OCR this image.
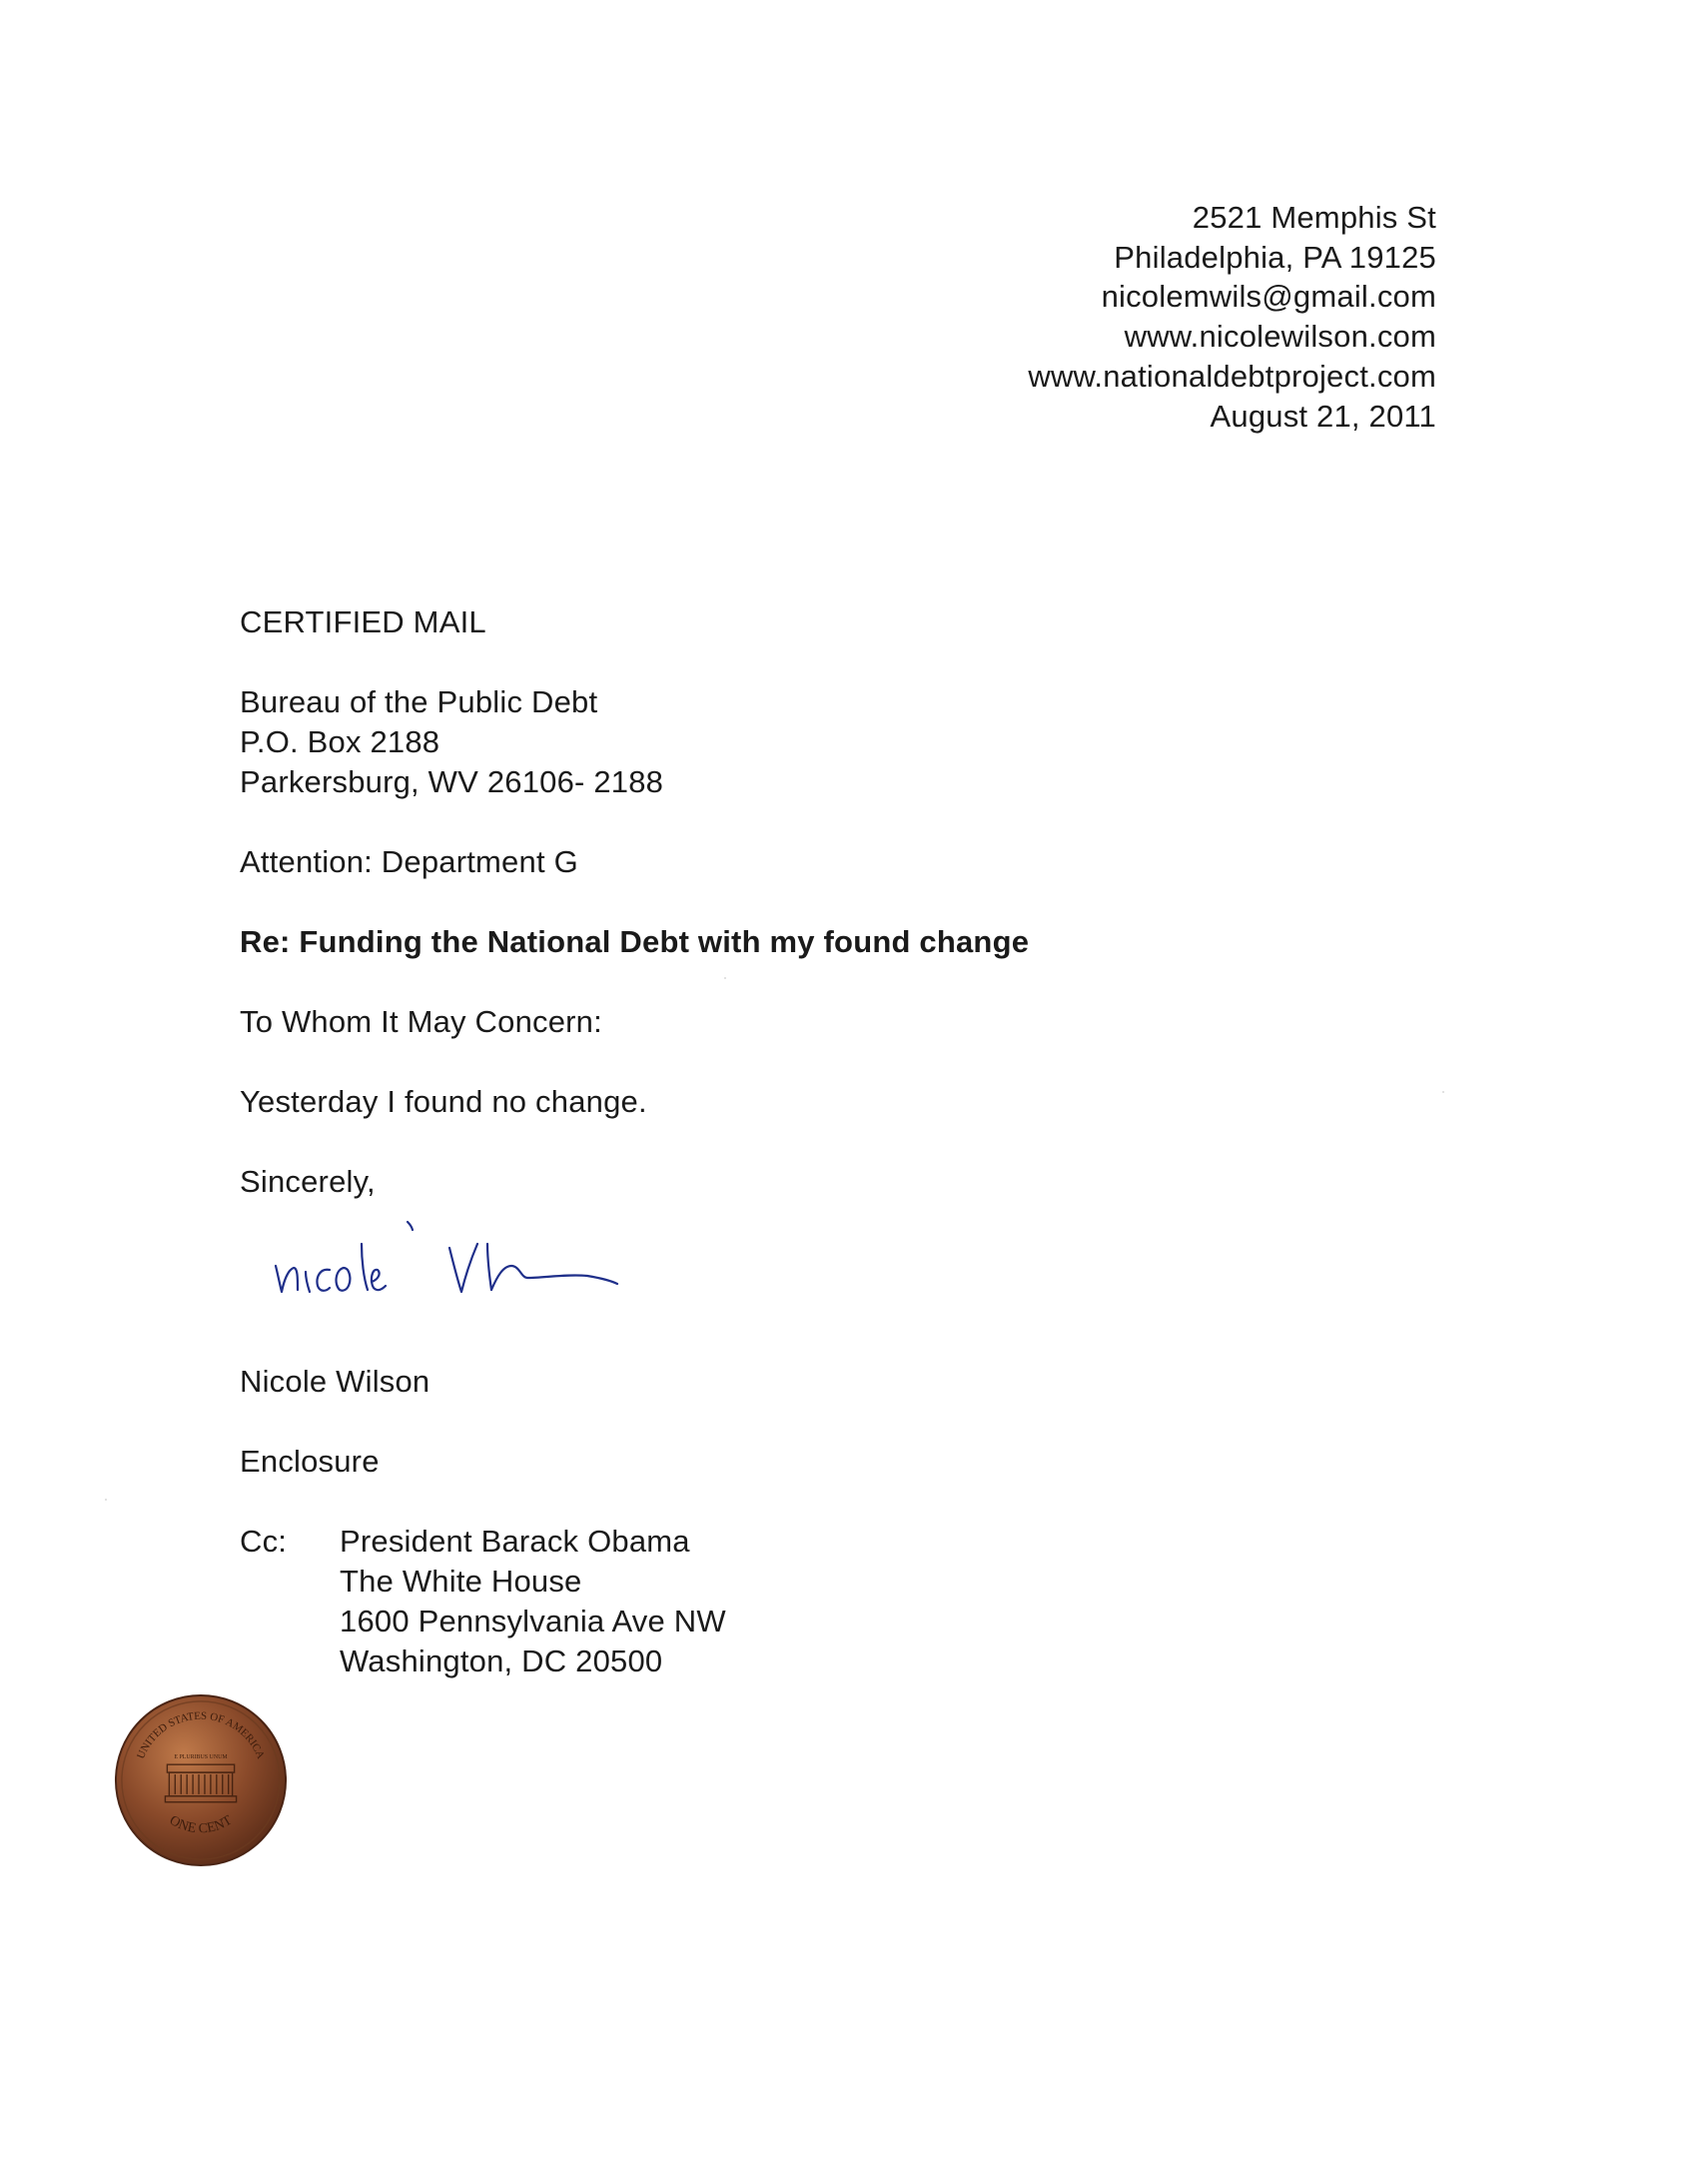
2521 Memphis St
Philadelphia, PA 19125
nicolemwils@gmail.com
www.nicolewilson.com
www.nationaldebtproject.com
August 21, 2011
CERTIFIED MAIL
Bureau of the Public Debt
P.O. Box 2188
Parkersburg, WV 26106- 2188
Attention: Department G
Re: Funding the National Debt with my found change
To Whom It May Concern:
Yesterday I found no change.
Sincerely,
Nicole Wilson
Enclosure
Cc: President Barack Obama
The White House
1600 Pennsylvania Ave NW
Washington, DC 20500
UNITED STATES OF AMERICA
ONE CENT
E PLURIBUS UNUM
